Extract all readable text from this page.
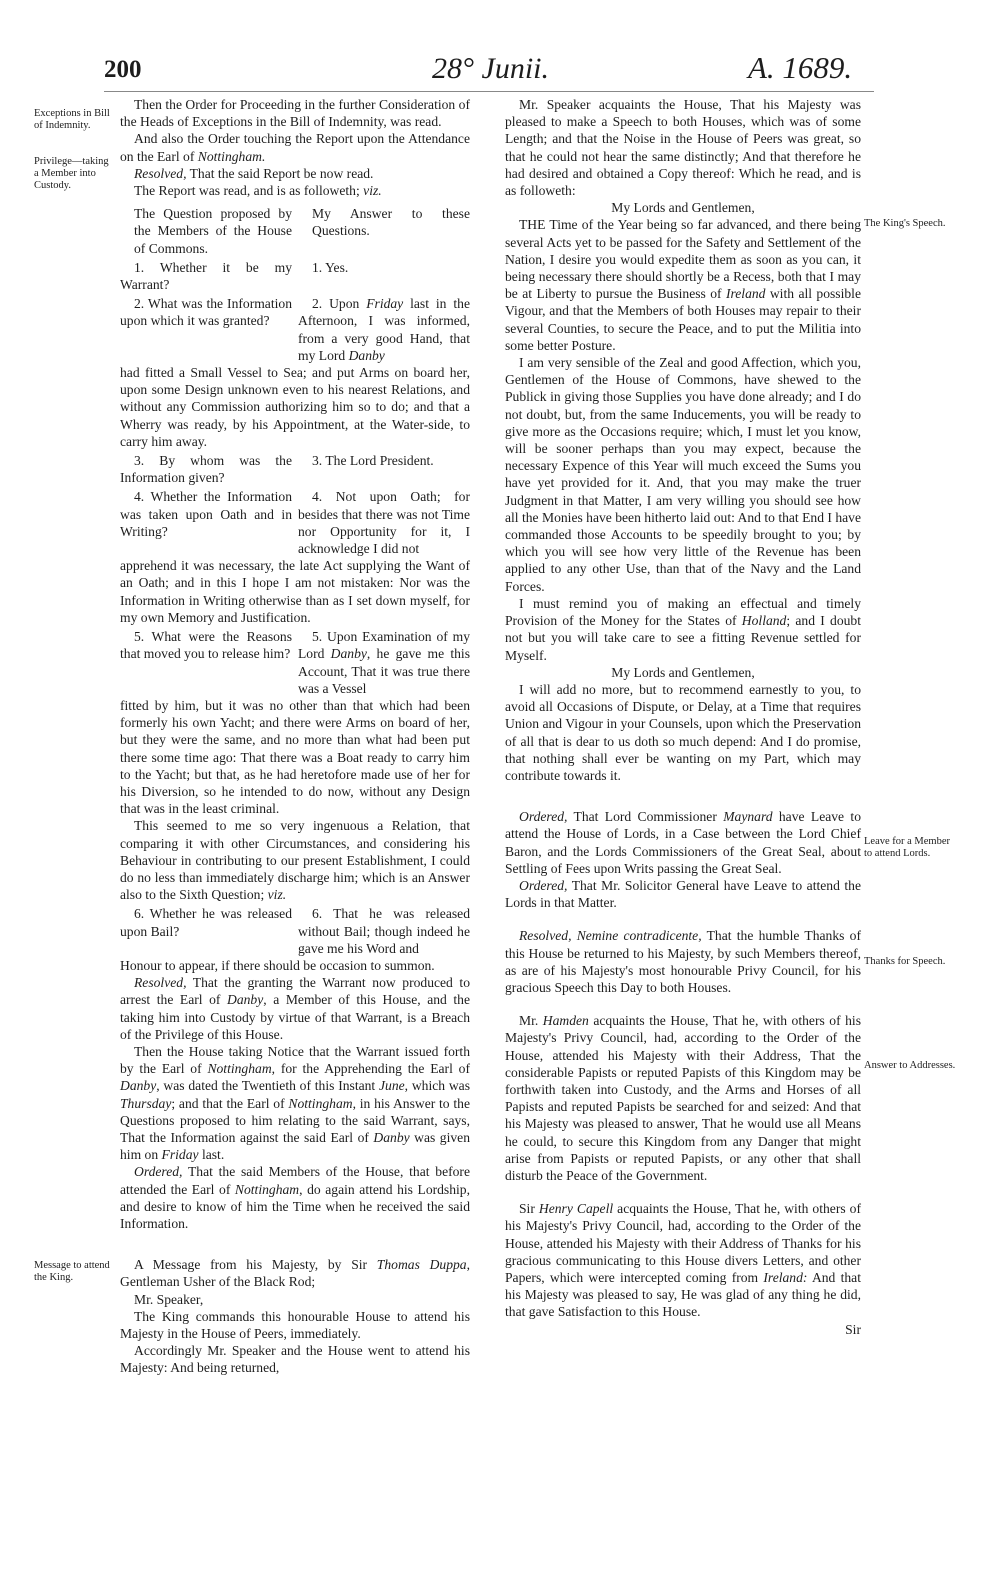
200	28° Junii.	A. 1689.
Exceptions in Bill of Indemnity.
Privilege—taking a Member into Custody.
Message to attend the King.
The King's Speech.
Leave for a Member to attend Lords.
Thanks for Speech.
Answer to Addresses.

Then the Order for Proceeding in the further Consideration of the Heads of Exceptions in the Bill of Indemnity, was read.

And also the Order touching the Report upon the Attendance on the Earl of Nottingham.

Resolved, That the said Report be now read.

The Report was read, and is as followeth; viz.

The Question proposed by the Members of the House of Commons.
My Answer to these Questions.
1. Whether it be my Warrant?
1. Yes.
2. What was the Information upon which it was granted?
2. Upon Friday last in the Afternoon, I was informed, from a very good Hand, that my Lord Danby

had fitted a Small Vessel to Sea; and put Arms on board her, upon some Design unknown even to his nearest Relations, and without any Commission authorizing him so to do; and that a Wherry was ready, by his Appointment, at the Water-side, to carry him away.

3. By whom was the Information given?
3. The Lord President.
4. Whether the Information was taken upon Oath and in Writing?
4. Not upon Oath; for besides that there was not Time nor Opportunity for it, I acknowledge I did not

apprehend it was necessary, the late Act supplying the Want of an Oath; and in this I hope I am not mistaken: Nor was the Information in Writing otherwise than as I set down myself, for my own Memory and Justification.

5. What were the Reasons that moved you to release him?
5. Upon Examination of my Lord Danby, he gave me this Account, That it was true there was a Vessel

fitted by him, but it was no other than that which had been formerly his own Yacht; and there were Arms on board of her, but they were the same, and no more than what had been put there some time ago: That there was a Boat ready to carry him to the Yacht; but that, as he had heretofore made use of her for his Diversion, so he intended to do now, without any Design that was in the least criminal.

This seemed to me so very ingenuous a Relation, that comparing it with other Circumstances, and considering his Behaviour in contributing to our present Establishment, I could do no less than immediately discharge him; which is an Answer also to the Sixth Question; viz.

6. Whether he was released upon Bail?
6. That he was released without Bail; though indeed he gave me his Word and

Honour to appear, if there should be occasion to summon.

Resolved, That the granting the Warrant now produced to arrest the Earl of Danby, a Member of this House, and the taking him into Custody by virtue of that Warrant, is a Breach of the Privilege of this House.

Then the House taking Notice that the Warrant issued forth by the Earl of Nottingham, for the Apprehending the Earl of Danby, was dated the Twentieth of this Instant June, which was Thursday; and that the Earl of Nottingham, in his Answer to the Questions proposed to him relating to the said Warrant, says, That the Information against the said Earl of Danby was given him on Friday last.

Ordered, That the said Members of the House, that before attended the Earl of Nottingham, do again attend his Lordship, and desire to know of him the Time when he received the said Information.

A Message from his Majesty, by Sir Thomas Duppa, Gentleman Usher of the Black Rod;

Mr. Speaker,

The King commands this honourable House to attend his Majesty in the House of Peers, immediately.

Accordingly Mr. Speaker and the House went to attend his Majesty: And being returned,

Mr. Speaker acquaints the House, That his Majesty was pleased to make a Speech to both Houses, which was of some Length; and that the Noise in the House of Peers was great, so that he could not hear the same distinctly; And that therefore he had desired and obtained a Copy thereof: Which he read, and is as followeth:

My Lords and Gentlemen,

THE Time of the Year being so far advanced, and there being several Acts yet to be passed for the Safety and Settlement of the Nation, I desire you would expedite them as soon as you can, it being necessary there should shortly be a Recess, both that I may be at Liberty to pursue the Business of Ireland with all possible Vigour, and that the Members of both Houses may repair to their several Counties, to secure the Peace, and to put the Militia into some better Posture.

I am very sensible of the Zeal and good Affection, which you, Gentlemen of the House of Commons, have shewed to the Publick in giving those Supplies you have done already; and I do not doubt, but, from the same Inducements, you will be ready to give more as the Occasions require; which, I must let you know, will be sooner perhaps than you may expect, because the necessary Expence of this Year will much exceed the Sums you have yet provided for it. And, that you may make the truer Judgment in that Matter, I am very willing you should see how all the Monies have been hitherto laid out: And to that End I have commanded those Accounts to be speedily brought to you; by which you will see how very little of the Revenue has been applied to any other Use, than that of the Navy and the Land Forces.

I must remind you of making an effectual and timely Provision of the Money for the States of Holland; and I doubt not but you will take care to see a fitting Revenue settled for Myself.

My Lords and Gentlemen,

I will add no more, but to recommend earnestly to you, to avoid all Occasions of Dispute, or Delay, at a Time that requires Union and Vigour in your Counsels, upon which the Preservation of all that is dear to us doth so much depend: And I do promise, that nothing shall ever be wanting on my Part, which may contribute towards it.

Ordered, That Lord Commissioner Maynard have Leave to attend the House of Lords, in a Case between the Lord Chief Baron, and the Lords Commissioners of the Great Seal, about Settling of Fees upon Writs passing the Great Seal.

Ordered, That Mr. Solicitor General have Leave to attend the Lords in that Matter.

Resolved, Nemine contradicente, That the humble Thanks of this House be returned to his Majesty, by such Members thereof, as are of his Majesty's most honourable Privy Council, for his gracious Speech this Day to both Houses.

Mr. Hamden acquaints the House, That he, with others of his Majesty's Privy Council, had, according to the Order of the House, attended his Majesty with their Address, That the considerable Papists or reputed Papists of this Kingdom may be forthwith taken into Custody, and the Arms and Horses of all Papists and reputed Papists be searched for and seized: And that his Majesty was pleased to answer, That he would use all Means he could, to secure this Kingdom from any Danger that might arise from Papists or reputed Papists, or any other that shall disturb the Peace of the Government.

Sir Henry Capell acquaints the House, That he, with others of his Majesty's Privy Council, had, according to the Order of the House, attended his Majesty with their Address of Thanks for his gracious communicating to this House divers Letters, and other Papers, which were intercepted coming from Ireland: And that his Majesty was pleased to say, He was glad of any thing he did, that gave Satisfaction to this House.

Sir
